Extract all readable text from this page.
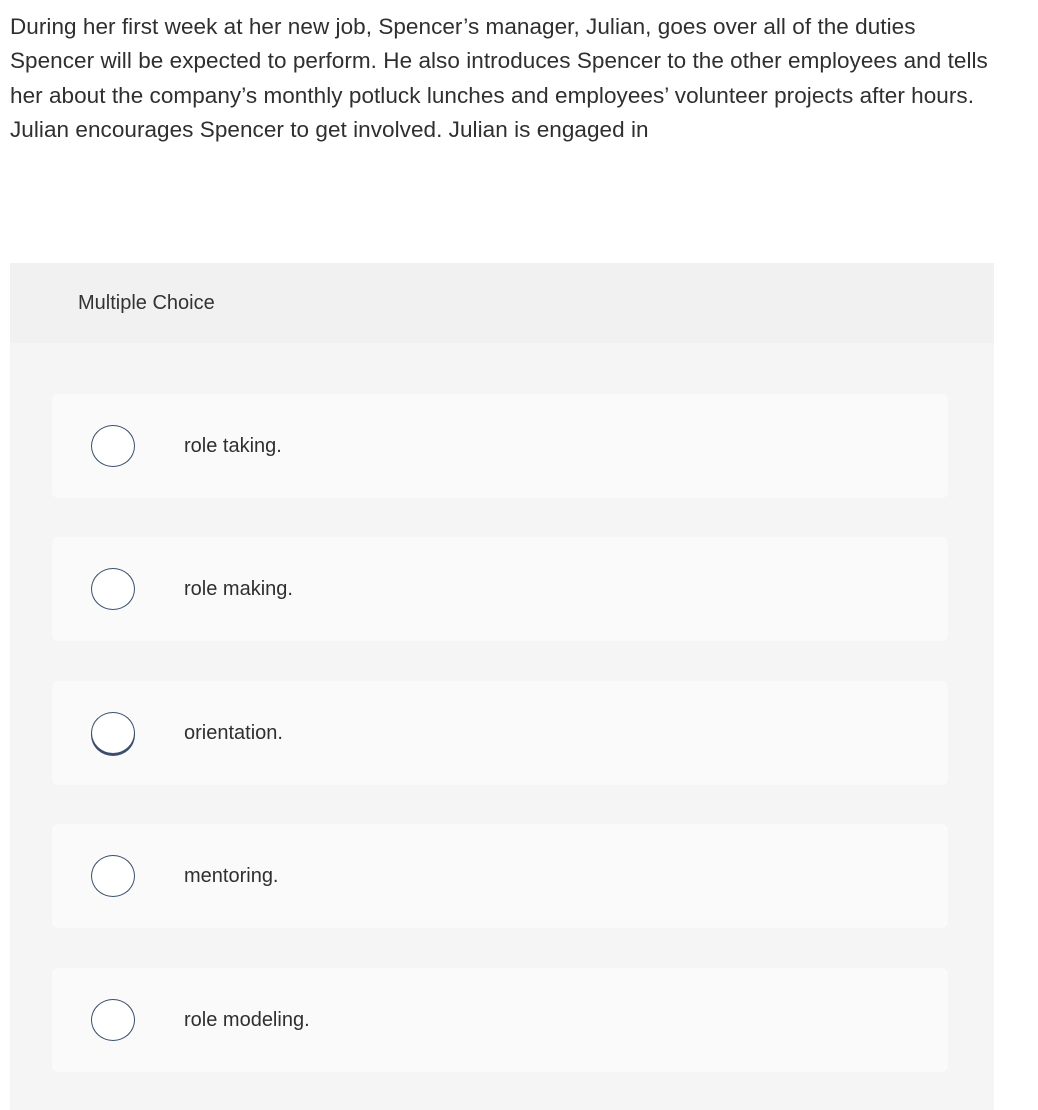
During her first week at her new job, Spencer’s manager, Julian, goes over all of the duties Spencer will be expected to perform. He also introduces Spencer to the other employees and tells her about the company’s monthly potluck lunches and employees’ volunteer projects after hours. Julian encourages Spencer to get involved. Julian is engaged in

Multiple Choice
role taking.
role making.
orientation.
mentoring.
role modeling.
